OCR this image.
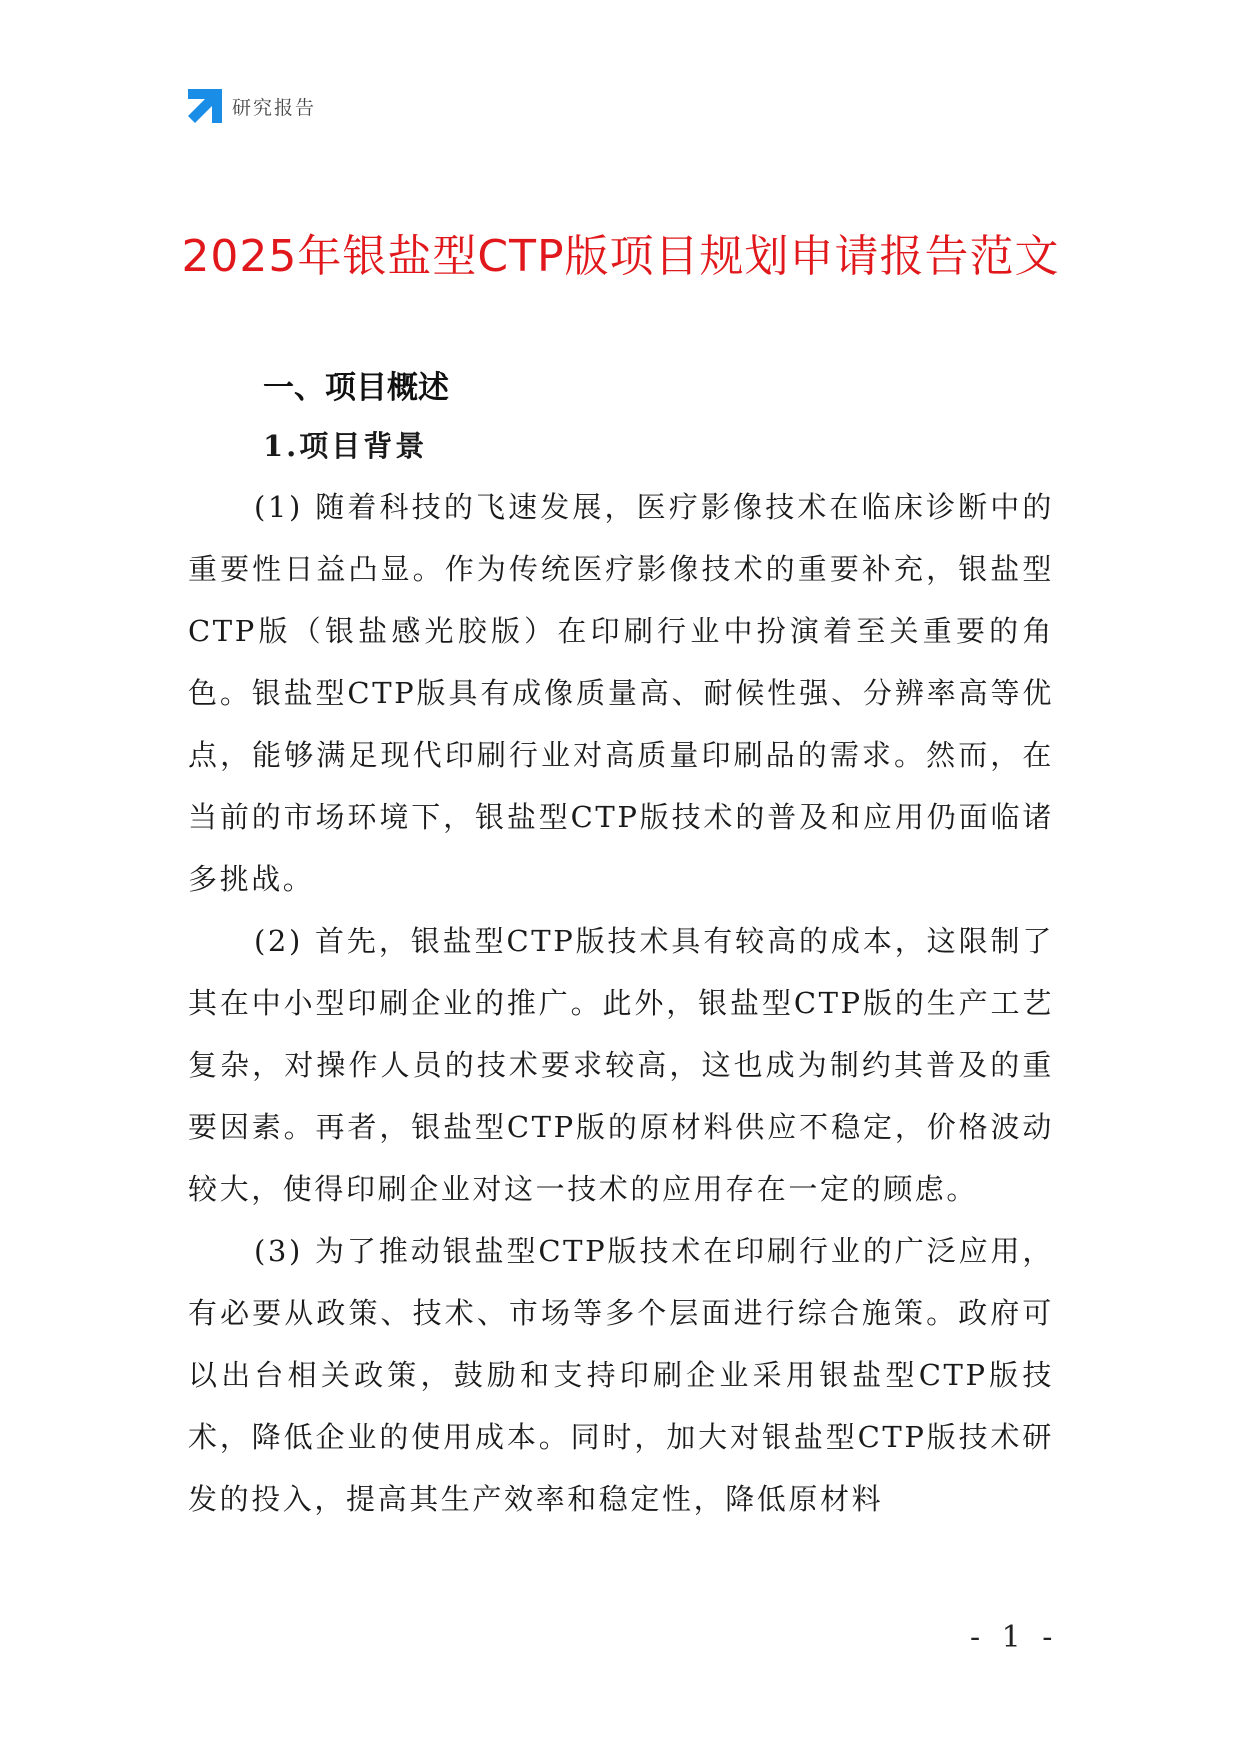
研究报告
2025年银盐型CTP版项目规划申请报告范文
一、项目概述
1.项目背景

(1) 随着科技的飞速发展，医疗影像技术在临床诊断中的重要性日益凸显。作为传统医疗影像技术的重要补充，银盐型CTP版（银盐感光胶版）在印刷行业中扮演着至关重要的角色。银盐型CTP版具有成像质量高、耐候性强、分辨率高等优点，能够满足现代印刷行业对高质量印刷品的需求。然而，在当前的市场环境下，银盐型CTP版技术的普及和应用仍面临诸多挑战。

(2) 首先，银盐型CTP版技术具有较高的成本，这限制了其在中小型印刷企业的推广。此外，银盐型CTP版的生产工艺复杂，对操作人员的技术要求较高，这也成为制约其普及的重要因素。再者，银盐型CTP版的原材料供应不稳定，价格波动较大，使得印刷企业对这一技术的应用存在一定的顾虑。

(3) 为了推动银盐型CTP版技术在印刷行业的广泛应用，有必要从政策、技术、市场等多个层面进行综合施策。政府可以出台相关政策，鼓励和支持印刷企业采用银盐型CTP版技术，降低企业的使用成本。同时，加大对银盐型CTP版技术研发的投入，提高其生产效率和稳定性，降低原材料

- 1 -
